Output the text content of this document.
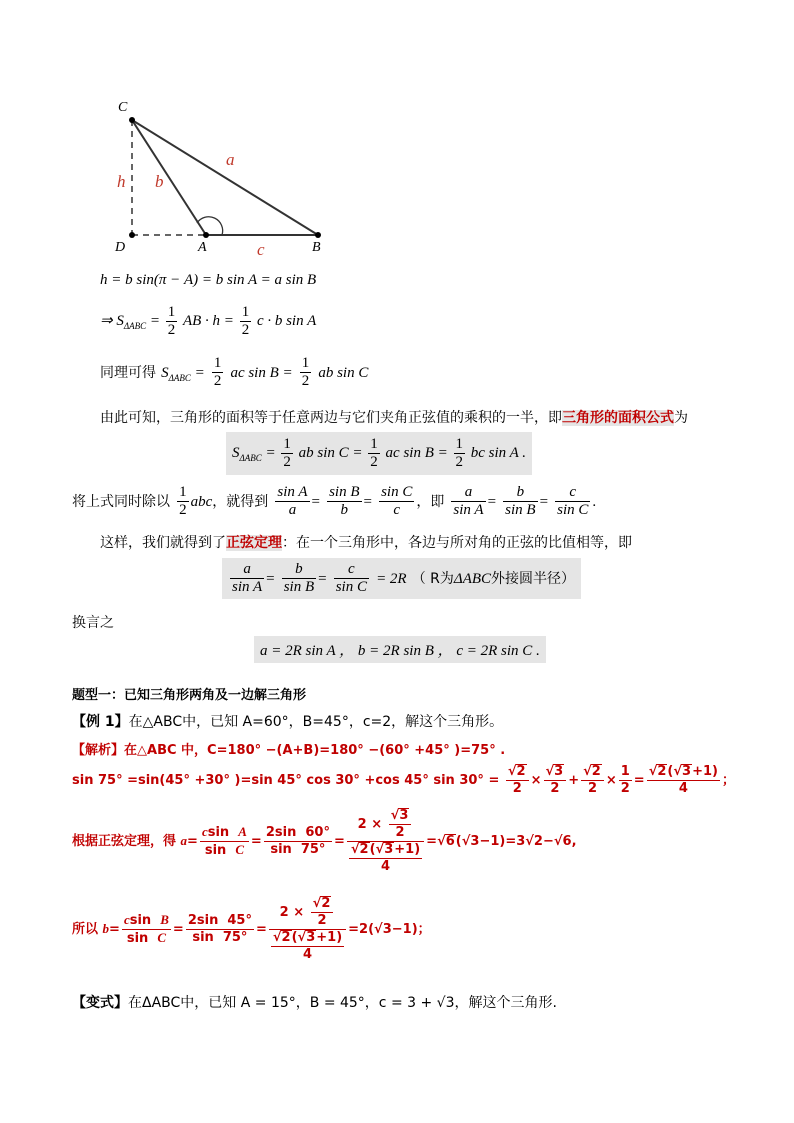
C
D	A	B
h b
a
c
h = b sin(π − A) = b sin A = a sin B
⇒ $S_{\Delta ABC} = \frac{1}{2}$ AB · $h = \frac{1}{2}$ c · b sin A
同理可得 $S_{\Delta ABC} = \frac{1}{2}$ ac $\sin B = \frac{1}{2}$ ab sin C
由此可知，三角形的面积等于任意两边与它们夹角正弦值的乘积的一半，即三角形的面积公式为
$S_{\Delta ABC} = \frac{1}{2}$ ab $\sin C = \frac{1}{2}$ ac $\sin B = \frac{1}{2}$ bc sin A .
将上式同时除以 $\frac{1}{2}$ abc，就得到 $\frac{\text{sin A}}{a} = \frac{\text{sin B}}{b} = \frac{\text{sin C}}{c}$ ，即 $\frac{a}{\text{sin A}} = \frac{b}{\text{sin B}} = \frac{c}{\text{sin C}}$ .
这样，我们就得到了正弦定理：在一个三角形中，各边与所对角的正弦的比值相等，即
$\frac{a}{\text{sin A}} = \frac{b}{\text{sin B}} = \frac{c}{\text{sin C}} = 2R$ （ R为ΔABC外接圆半径）
换言之
a = 2R sin A ， b = 2R sin B ， c = 2R sin C .
题型一：已知三角形两角及一边解三角形
【例 1】在△ABC中，已知 A=60°，B=45°，c=2，解这个三角形。
【解析】在△ABC 中，C=180° −(A+B)=180° −(60° +45° )=75° .
sin 75° =sin(45° +30° )=sin 45° cos 30° +cos 45° $\sin 30^\circ = \frac{√2}{2} \times \frac{√3}{2} + \frac{√2}{2} \times \frac{1}{2} = \frac{√2(√3+1)}{4}$ ；
根据正弦定理，得 $a= \frac{\text{csin  A}}{\text{sin  C}} = \frac{2\sin 60^\circ}{\sin 75^\circ} = 2 \times \frac{√3}{2}$
√2(√3+1)
4 =√6(√3−1)=3√2−√6,
所以 $b= \frac{\text{csin  B}}{\text{sin  C}} = \frac{2\sin 45^\circ}{\sin 75^\circ} = 2 \times \frac{√2}{2}$
√2(√3+1)
4 =2(√3−1)；
【变式】在ΔABC中，已知 A = 15°，B = 45°，c = 3 + √3，解这个三角形.
